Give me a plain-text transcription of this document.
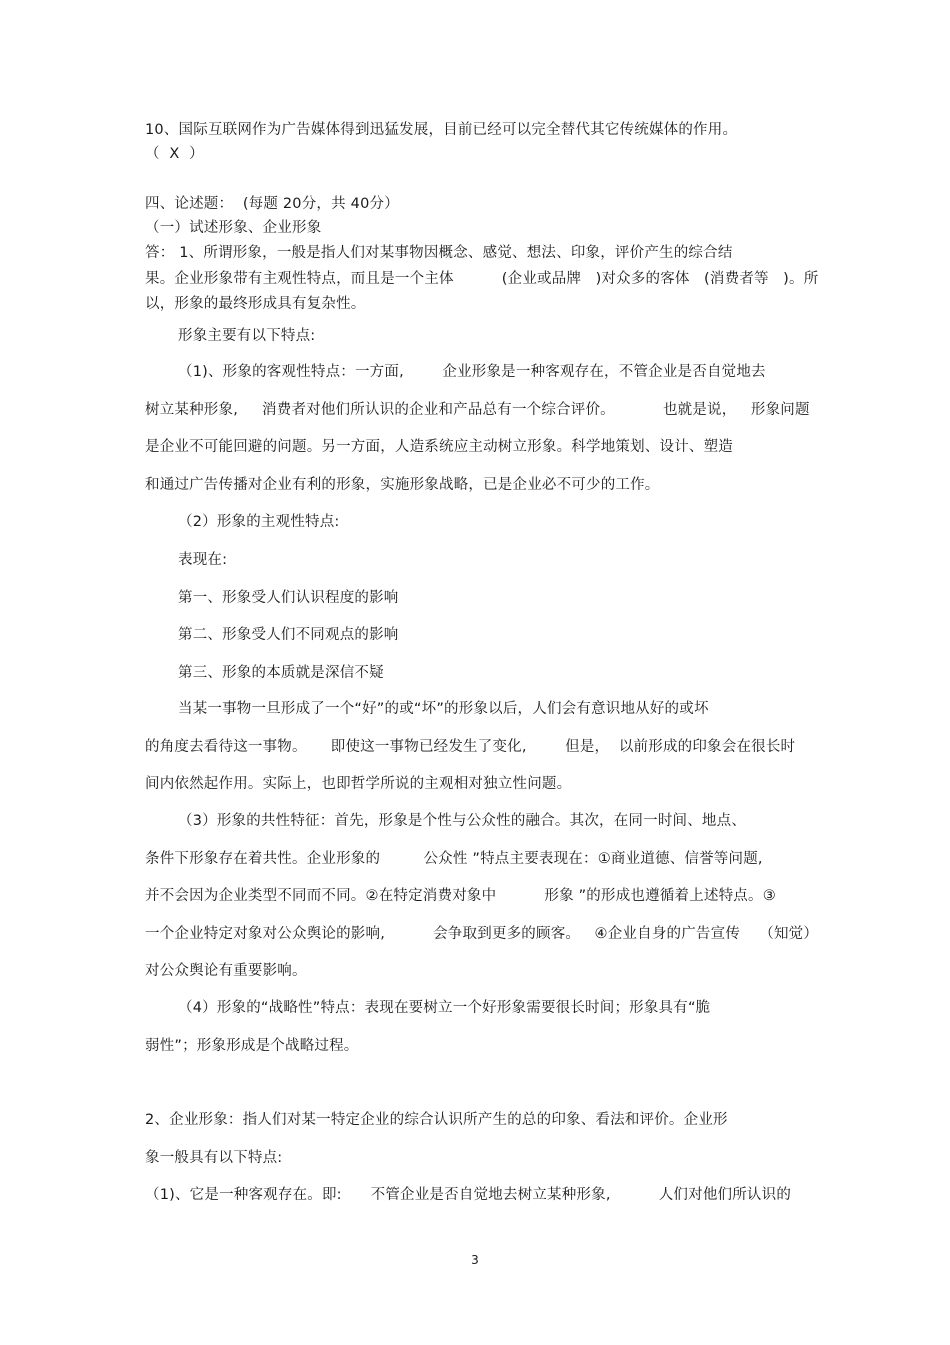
10、国际互联网作为广告媒体得到迅猛发展，目前已经可以完全替代其它传统媒体的作用。
（  X  ）
四、论述题：  (每题 20分，共 40分）
（一）试述形象、企业形象
答： 1、所谓形象，一般是指人们对某事物因概念、感觉、想法、印象，评价产生的综合结
果。企业形象带有主观性特点，而且是一个主体          (企业或品牌   )对众多的客体   (消费者等   )。所
以，形象的最终形成具有复杂性。
形象主要有以下特点:
（1)、形象的客观性特点：一方面,        企业形象是一种客观存在，不管企业是否自觉地去
树立某种形象,     消费者对他们所认识的企业和产品总有一个综合评价。          也就是说，   形象问题
是企业不可能回避的问题。另一方面，人造系统应主动树立形象。科学地策划、设计、塑造
和通过广告传播对企业有利的形象，实施形象战略，已是企业必不可少的工作。
（2）形象的主观性特点:
表现在:
第一、形象受人们认识程度的影响
第二、形象受人们不同观点的影响
第三、形象的本质就是深信不疑
当某一事物一旦形成了一个“好”的或“坏”的形象以后，人们会有意识地从好的或坏
的角度去看待这一事物。     即使这一事物已经发生了变化,        但是，  以前形成的印象会在很长时
间内依然起作用。实际上，也即哲学所说的主观相对独立性问题。
（3）形象的共性特征：首先，形象是个性与公众性的融合。其次，在同一时间、地点、
条件下形象存在着共性。企业形象的         公众性 ”特点主要表现在：①商业道德、信誉等问题,
并不会因为企业类型不同而不同。②在特定消费对象中          形象 ”的形成也遵循着上述特点。③
一个企业特定对象对公众舆论的影响,          会争取到更多的顾客。   ④企业自身的广告宣传    （知觉）
对公众舆论有重要影响。
（4）形象的“战略性”特点：表现在要树立一个好形象需要很长时间；形象具有“脆
弱性”；形象形成是个战略过程。
2、企业形象：指人们对某一特定企业的综合认识所产生的总的印象、看法和评价。企业形
象一般具有以下特点:
（1)、它是一种客观存在。即:      不管企业是否自觉地去树立某种形象,          人们对他们所认识的
3
